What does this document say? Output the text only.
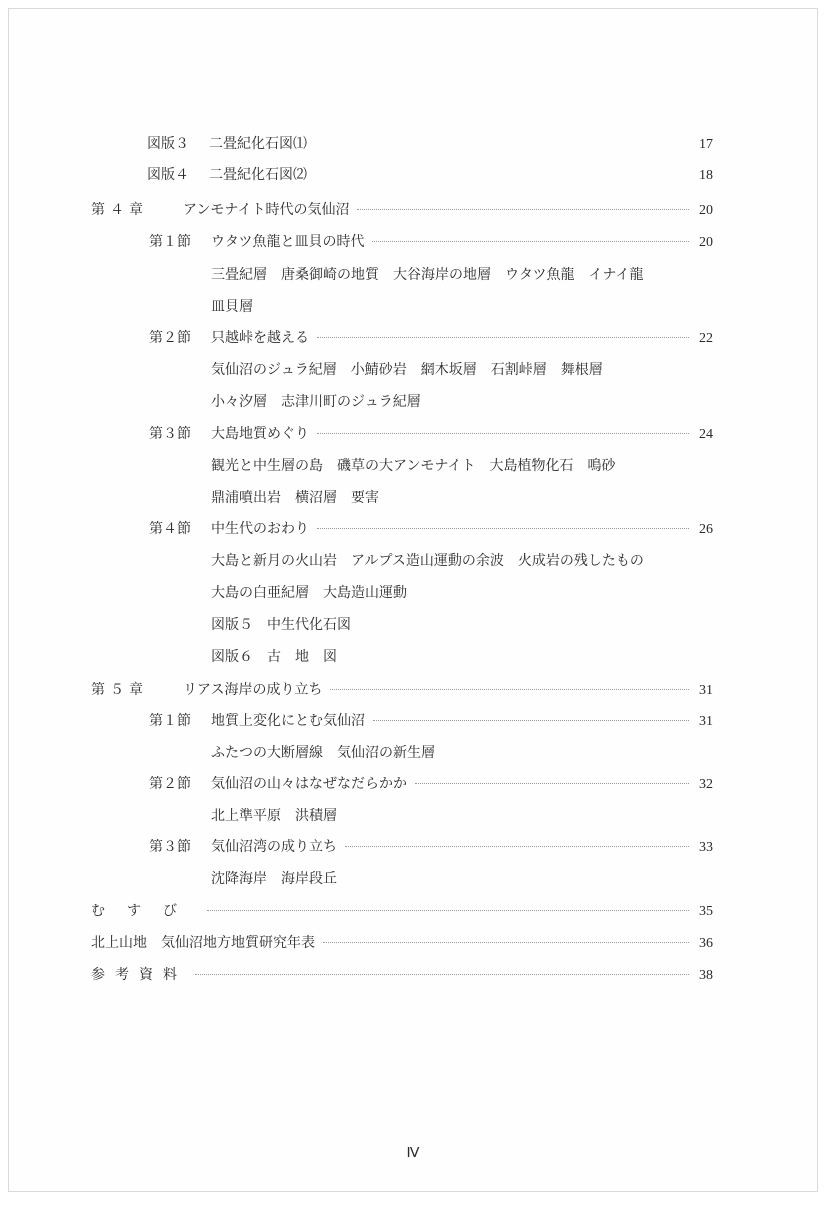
図版３	二畳紀化石図⑴	17
図版４	二畳紀化石図⑵	18
第４章	アンモナイト時代の気仙沼	20
第１節	ウタツ魚龍と皿貝の時代	20
三畳紀層　唐桑御崎の地質　大谷海岸の地層　ウタツ魚龍　イナイ龍
皿貝層
第２節	只越峠を越える	22
気仙沼のジュラ紀層　小鯖砂岩　網木坂層　石割峠層　舞根層
小々汐層　志津川町のジュラ紀層
第３節	大島地質めぐり	24
観光と中生層の島　磯草の大アンモナイト　大島植物化石　鳴砂
鼎浦噴出岩　横沼層　要害
第４節	中生代のおわり	26
大島と新月の火山岩　アルプス造山運動の余波　火成岩の残したもの
大島の白亜紀層　大島造山運動
図版５　中生代化石図
図版６　古　地　図
第５章	リアス海岸の成り立ち	31
第１節	地質上変化にとむ気仙沼	31
ふたつの大断層線　気仙沼の新生層
第２節	気仙沼の山々はなぜなだらかか	32
北上準平原　洪積層
第３節	気仙沼湾の成り立ち	33
沈降海岸　海岸段丘
むすび	35
北上山地　気仙沼地方地質研究年表	36
参考資料	38
Ⅳ
